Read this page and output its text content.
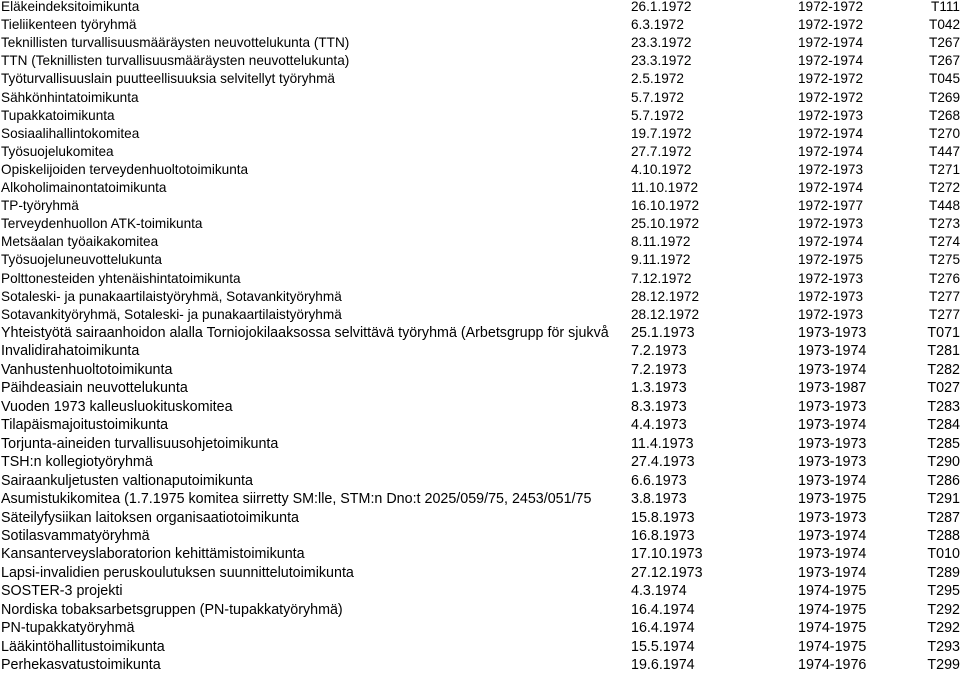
Eläkeindeksitoimikunta	26.1.1972	1972-1972	T111
Tieliikenteen työryhmä	6.3.1972	1972-1972	T042
Teknillisten turvallisuusmääräysten neuvottelukunta (TTN)	23.3.1972	1972-1974	T267
TTN (Teknillisten turvallisuusmääräysten neuvottelukunta)	23.3.1972	1972-1974	T267
Työturvallisuuslain puutteellisuuksia selvitellyt työryhmä	2.5.1972	1972-1972	T045
Sähkönhintatoimikunta	5.7.1972	1972-1972	T269
Tupakkatoimikunta	5.7.1972	1972-1973	T268
Sosiaalihallintokomitea	19.7.1972	1972-1974	T270
Työsuojelukomitea	27.7.1972	1972-1974	T447
Opiskelijoiden terveydenhuoltotoimikunta	4.10.1972	1972-1973	T271
Alkoholimainontatoimikunta	11.10.1972	1972-1974	T272
TP-työryhmä	16.10.1972	1972-1977	T448
Terveydenhuollon ATK-toimikunta	25.10.1972	1972-1973	T273
Metsäalan työaikakomitea	8.11.1972	1972-1974	T274
Työsuojeluneuvottelukunta	9.11.1972	1972-1975	T275
Polttonesteiden yhtenäishintatoimikunta	7.12.1972	1972-1973	T276
Sotaleski- ja punakaartilaistyöryhmä, Sotavankityöryhmä	28.12.1972	1972-1973	T277
Sotavankityöryhmä, Sotaleski- ja punakaartilaistyöryhmä	28.12.1972	1972-1973	T277
Yhteistyötä sairaanhoidon alalla Torniojokilaaksossa selvittävä työryhmä (Arbetsgrupp för sjukvå	25.1.1973	1973-1973	T071
Invalidirahatoimikunta	7.2.1973	1973-1974	T281
Vanhustenhuoltotoimikunta	7.2.1973	1973-1974	T282
Päihdeasiain neuvottelukunta	1.3.1973	1973-1987	T027
Vuoden 1973 kalleusluokituskomitea	8.3.1973	1973-1973	T283
Tilapäismajoitustoimikunta	4.4.1973	1973-1974	T284
Torjunta-aineiden turvallisuusohjetoimikunta	11.4.1973	1973-1973	T285
TSH:n kollegiotyöryhmä	27.4.1973	1973-1973	T290
Sairaankuljetusten valtionaputoimikunta	6.6.1973	1973-1974	T286
Asumistukikomitea (1.7.1975 komitea siirretty SM:lle, STM:n Dno:t 2025/059/75, 2453/051/75	3.8.1973	1973-1975	T291
Säteilyfysiikan laitoksen organisaatiotoimikunta	15.8.1973	1973-1973	T287
Sotilasvammatyöryhmä	16.8.1973	1973-1974	T288
Kansanterveyslaboratorion kehittämistoimikunta	17.10.1973	1973-1974	T010
Lapsi-invalidien peruskoulutuksen suunnittelutoimikunta	27.12.1973	1973-1974	T289
SOSTER-3 projekti	4.3.1974	1974-1975	T295
Nordiska tobaksarbetsgruppen (PN-tupakkatyöryhmä)	16.4.1974	1974-1975	T292
PN-tupakkatyöryhmä	16.4.1974	1974-1975	T292
Lääkintöhallitustoimikunta	15.5.1974	1974-1975	T293
Perhekasvatustoimikunta	19.6.1974	1974-1976	T299
